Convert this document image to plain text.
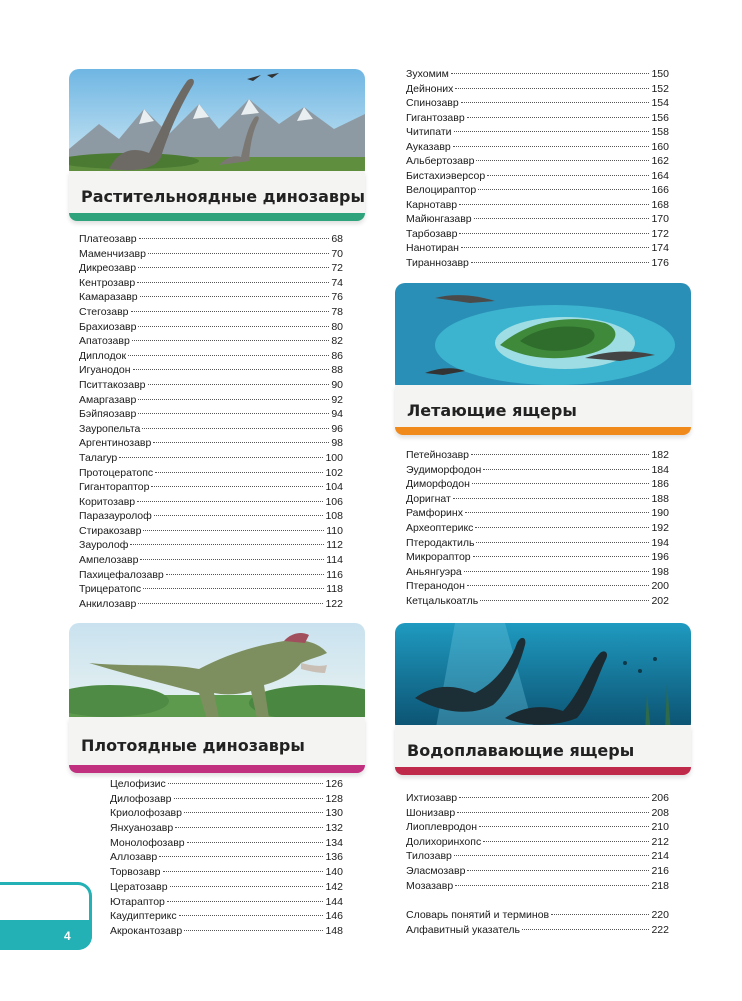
Растительноядные динозавры
Платеозавр	68
Маменчизавр	70
Дикреозавр	72
Кентрозавр	74
Камаразавр	76
Стегозавр	78
Брахиозавр	80
Апатозавр	82
Диплодок	86
Игуанодон	88
Пситтакозавр	90
Амаргазавр	92
Бэйпяозавр	94
Зауропельта	96
Аргентинозавр	98
Талarур	100
Протоцератопс	102
Гиганторaптор	104
Коритозавр	106
Паразауролоф	108
Стиракозавр	110
Зауролоф	112
Ампелозавр	114
Пахицефалозавр	116
Трицератопс	118
Анкилозавр	122
Зухомим	150
Дейноних	152
Спинозавр	154
Гигантозавр	156
Читипати	158
Ауказавр	160
Альбертозавр	162
Бистахиэверсор	164
Велоцираптор	166
Карнотавр	168
Майюнгазавр	170
Тарбозавр	172
Нанотиран	174
Тираннозавр	176
Летающие ящеры
Петейнозавр	182
Эудиморфодон	184
Диморфодон	186
Доригнат	188
Рамфоринх	190
Археоптерикс	192
Птеродактиль	194
Микрораптор	196
Аньянгуэра	198
Птеранодон	200
Кетцалькоатль	202
Плотоядные динозавры
Целофизис	126
Дилофозавр	128
Криолофозавр	130
Янхуанозавр	132
Монолофозавр	134
Аллозавр	136
Торвозавр	140
Цератозавр	142
Ютараптор	144
Каудиптерикс	146
Акрокантозавр	148
Водоплавающие ящеры
Ихтиозавр	206
Шонизавр	208
Лиоплевродон	210
Долихоринхопс	212
Тилозавр	214
Эласмозавр	216
Мозазавр	218
Словарь понятий и терминов	220
Алфавитный указатель	222
4
